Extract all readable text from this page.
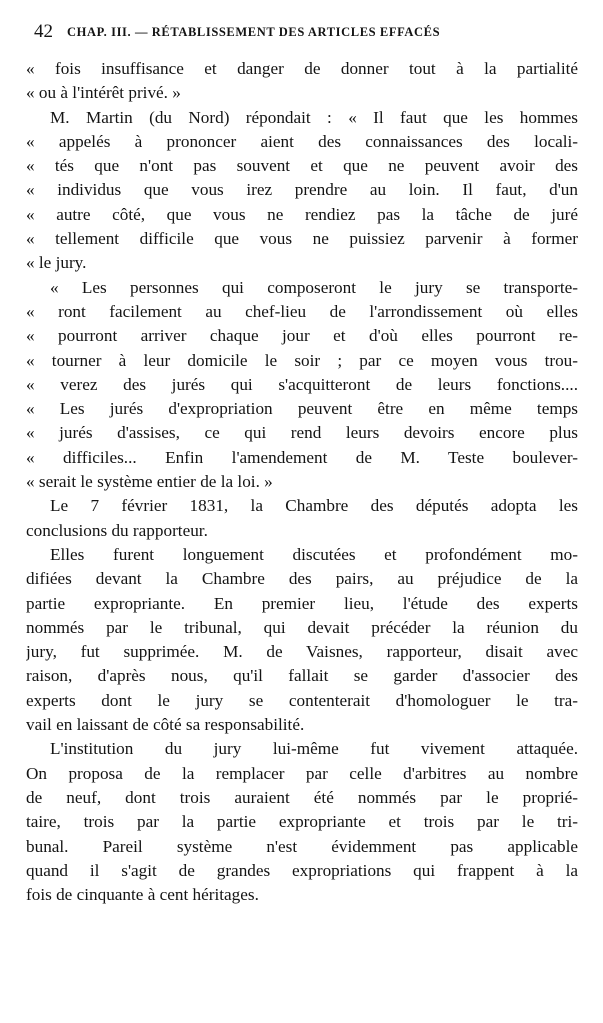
42 CHAP. III. — RÉTABLISSEMENT DES ARTICLES EFFACÉS
« fois insuffisance et danger de donner tout à la partialité
« ou à l'intérêt privé. »
M. Martin (du Nord) répondait : « Il faut que les hommes
« appelés à prononcer aient des connaissances des locali-
« tés que n'ont pas souvent et que ne peuvent avoir des
« individus que vous irez prendre au loin. Il faut, d'un
« autre côté, que vous ne rendiez pas la tâche de juré
« tellement difficile que vous ne puissiez parvenir à former
« le jury.
« Les personnes qui composeront le jury se transporte-
« ront facilement au chef-lieu de l'arrondissement où elles
« pourront arriver chaque jour et d'où elles pourront re-
« tourner à leur domicile le soir ; par ce moyen vous trou-
« verez des jurés qui s'acquitteront de leurs fonctions....
« Les jurés d'expropriation peuvent être en même temps
« jurés d'assises, ce qui rend leurs devoirs encore plus
« difficiles... Enfin l'amendement de M. Teste boulever-
« serait le système entier de la loi. »
Le 7 février 1831, la Chambre des députés adopta les
conclusions du rapporteur.
Elles furent longuement discutées et profondément mo-
difiées devant la Chambre des pairs, au préjudice de la
partie expropriante. En premier lieu, l'étude des experts
nommés par le tribunal, qui devait précéder la réunion du
jury, fut supprimée. M. de Vaisnes, rapporteur, disait avec
raison, d'après nous, qu'il fallait se garder d'associer des
experts dont le jury se contenterait d'homologuer le tra-
vail en laissant de côté sa responsabilité.
L'institution du jury lui-même fut vivement attaquée.
On proposa de la remplacer par celle d'arbitres au nombre
de neuf, dont trois auraient été nommés par le proprié-
taire, trois par la partie expropriante et trois par le tri-
bunal. Pareil système n'est évidemment pas applicable
quand il s'agit de grandes expropriations qui frappent à la
fois de cinquante à cent héritages.
